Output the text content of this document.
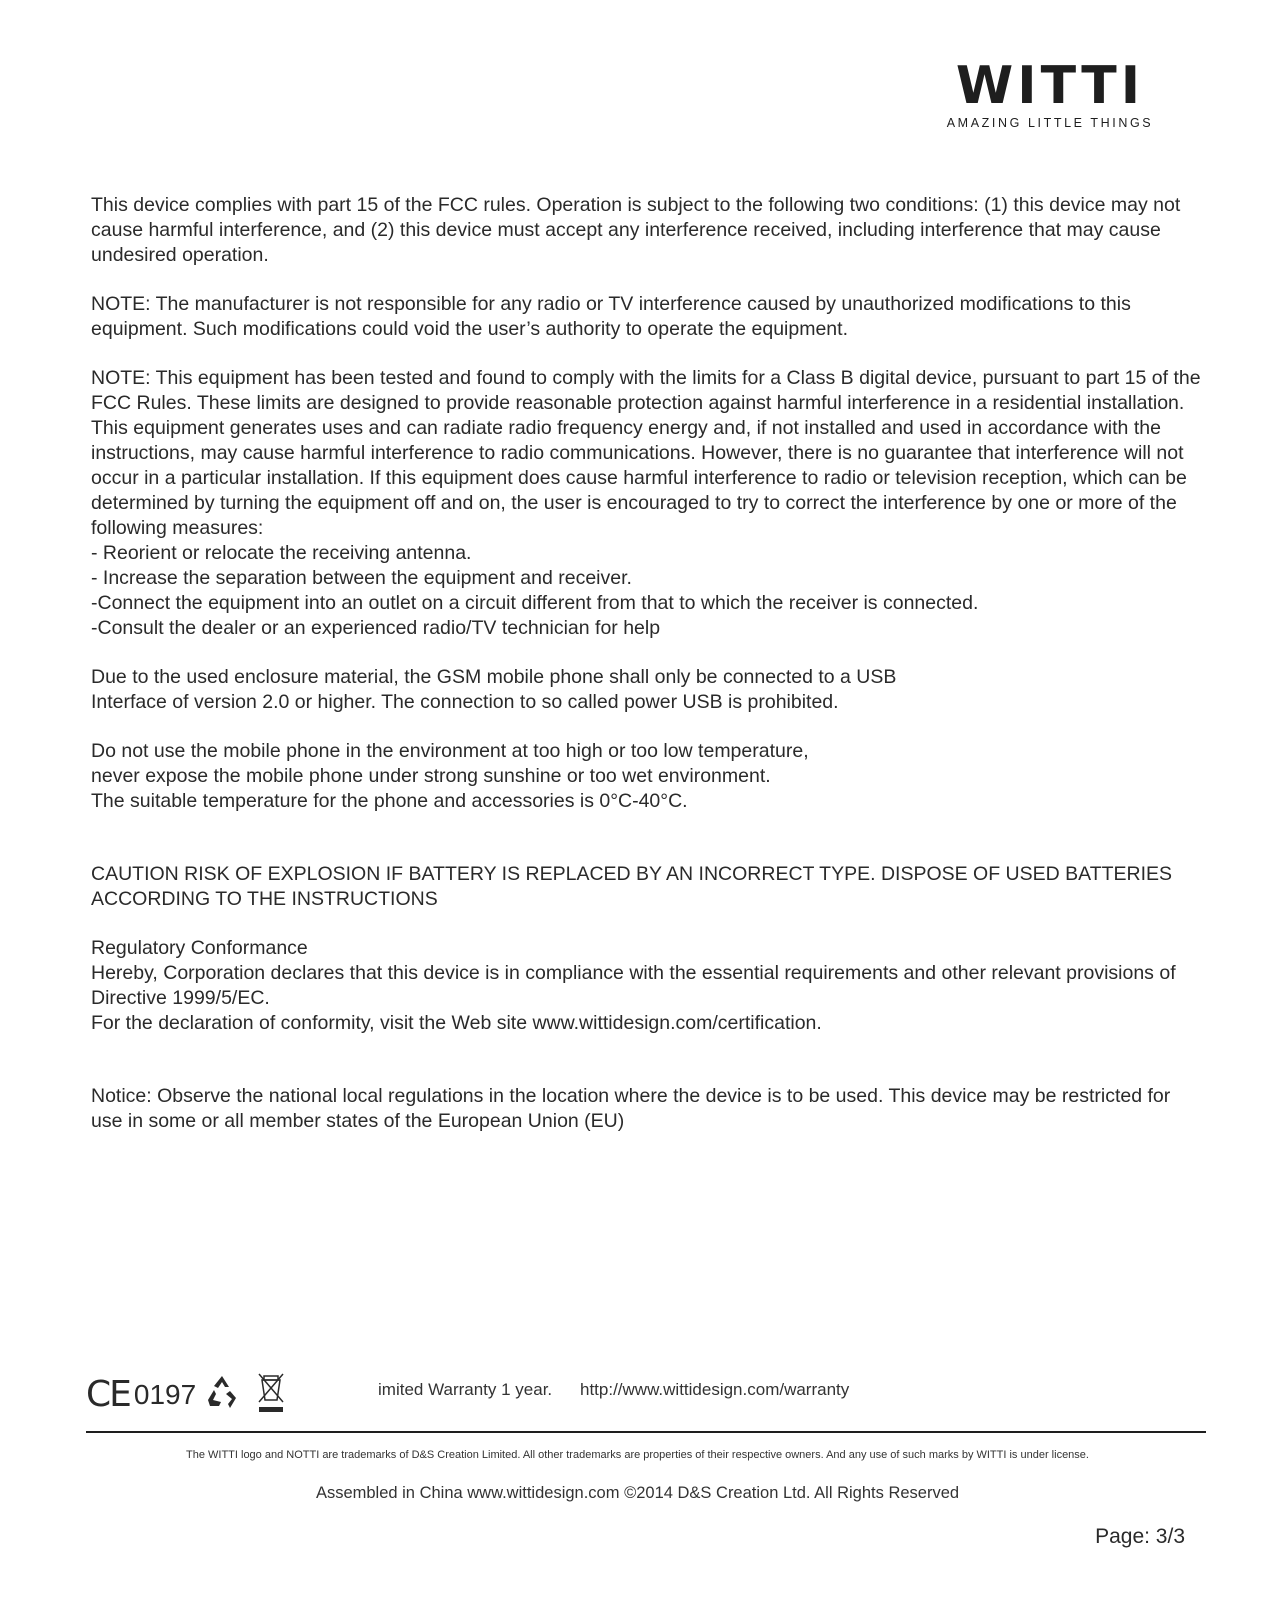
WITTI
AMAZING LITTLE THINGS

This device complies with part 15 of the FCC rules. Operation is subject to the following two conditions: (1) this device may not cause harmful interference, and (2) this device must accept any interference received, including interference that may cause undesired operation.

NOTE: The manufacturer is not responsible for any radio or TV interference caused by unauthorized modifications to this equipment. Such modifications could void the user’s authority to operate the equipment.

NOTE: This equipment has been tested and found to comply with the limits for a Class B digital device, pursuant to part 15 of the FCC Rules. These limits are designed to provide reasonable protection against harmful interference in a residential installation. This equipment generates uses and can radiate radio frequency energy and, if not installed and used in accordance with the instructions, may cause harmful interference to radio communications. However, there is no guarantee that interference will not occur in a particular installation. If this equipment does cause harmful interference to radio or television reception, which can be determined by turning the equipment off and on, the user is encouraged to try to correct the interference by one or more of the following measures:

- Reorient or relocate the receiving antenna.

- Increase the separation between the equipment and receiver.

-Connect the equipment into an outlet on a circuit different from that to which the receiver is connected.

-Consult the dealer or an experienced radio/TV technician for help

Due to the used enclosure material, the GSM mobile phone shall only be connected to a USB

Interface of version 2.0 or higher. The connection to so called power USB is prohibited.

Do not use the mobile phone in the environment at too high or too low temperature,

never expose the mobile phone under strong sunshine or too wet environment.

The suitable temperature for the phone and accessories is 0°C-40°C.

CAUTION RISK OF EXPLOSION IF BATTERY IS REPLACED BY AN INCORRECT TYPE. DISPOSE OF USED BATTERIES ACCORDING TO THE INSTRUCTIONS

Regulatory Conformance

Hereby, Corporation declares that this device is in compliance with the essential requirements and other relevant provisions of Directive 1999/5/EC.

For the declaration of conformity, visit the Web site www.wittidesign.com/certification.

Notice: Observe the national local regulations in the location where the device is to be used. This device may be restricted for use in some or all member states of the European Union (EU)

CE 0197	imited Warranty 1 year. http://www.wittidesign.com/warranty
The WITTI logo and NOTTI are trademarks of D&S Creation Limited. All other trademarks are properties of their respective owners. And any use of such marks by WITTI is under license.
Assembled in China www.wittidesign.com ©2014 D&S Creation Ltd. All Rights Reserved
Page: 3/3
